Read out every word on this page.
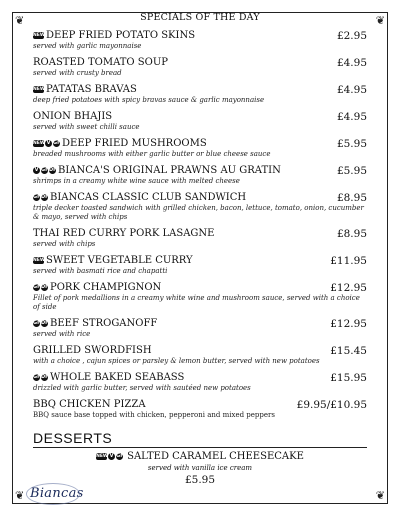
❦	❦
❦	❦
SPECIALS OF THE DAY
NEW DEEP FRIED POTATO SKINS	£2.95
served with garlic mayonnaise
ROASTED TOMATO SOUP	£4.95
served with crusty bread
NEW PATATAS BRAVAS	£4.95
deep fried potatoes with spicy bravas sauce & garlic mayonnaise
ONION BHAJIS	£4.95
served with sweet chilli sauce
NEW V GF DEEP FRIED MUSHROOMS	£5.95
breaded mushrooms with either garlic butter or blue cheese sauce
V GF DF BIANCA'S ORIGINAL PRAWNS AU GRATIN	£5.95
shrimps in a creamy white wine sauce with melted cheese
GF DF BIANCAS CLASSIC CLUB SANDWICH	£8.95
triple decker toasted sandwich with grilled chicken, bacon, lettuce, tomato, onion, cucumber & mayo, served with chips
THAI RED CURRY PORK LASAGNE	£8.95
served with chips
NEW SWEET VEGETABLE CURRY	£11.95
served with basmati rice and chapatti
GF DF PORK CHAMPIGNON	£12.95
Fillet of pork medallions in a creamy white wine and mushroom sauce, served with a choice of side
GF DF BEEF STROGANOFF	£12.95
served with rice
GRILLED SWORDFISH	£15.45
with a choice , cajun spices or parsley & lemon butter, served with new potatoes
GF DF WHOLE BAKED SEABASS	£15.95
drizzled with garlic butter, served with sautéed new potatoes
BBQ CHICKEN PIZZA	£9.95/£10.95
BBQ sauce base topped with chicken, pepperoni and mixed peppers
DESSERTS
NEW V GF SALTED CARAMEL CHEESECAKE
served with vanilla ice cream
£5.95
Biancas
